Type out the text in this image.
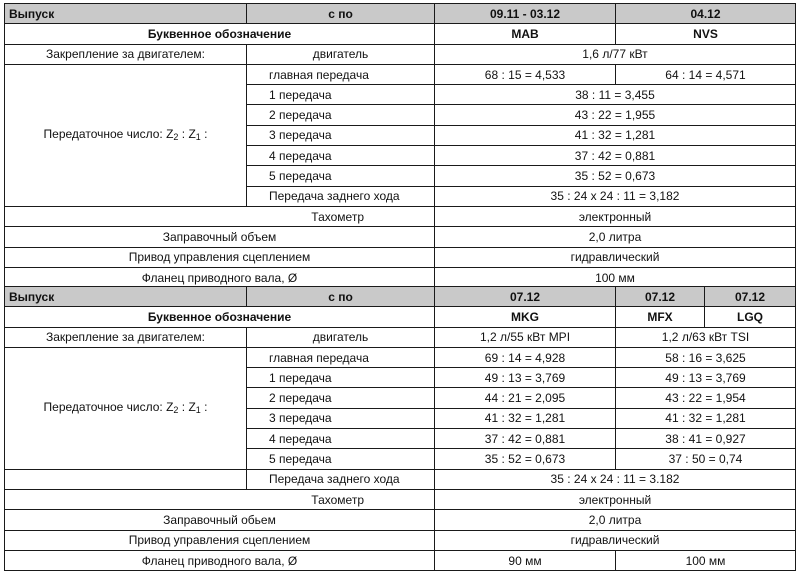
Выпуск	с по	09.11 - 03.12	04.12
Буквенное обозначение		MAB	NVS
Закрепление за двигателем:	двигатель	1,6 л/77 кВт	
Передаточное число: $Z_2$ : $Z_1$ :	главная передача	68 : 15 = 4,533	64 : 14 = 4,571
	1 передача	38 : 11 = 3,455	
	2 передача	43 : 22 = 1,955	
	3 передача	41 : 32 = 1,281	
	4 передача	37 : 42 = 0,881	
	5 передача	35 : 52 = 0,673	
	Передача заднего хода	35 : 24 x 24 : 11 = 3,182	
Тахометр		электронный	
Заправочный объем		2,0 литра	
Привод управления сцеплением		гидравлический	
Фланец приводного вала, Ø		100 мм	
Выпуск	с по	07.12	07.12	07.12
Буквенное обозначение		MKG	MFX	LGQ
Закрепление за двигателем:	двигатель	1,2 л/55 кВт MPI	1,2 л/63 кВт TSI	
Передаточное число: $Z_2$ : $Z_1$ :	главная передача	69 : 14 = 4,928	58 : 16 = 3,625	
	1 передача	49 : 13 = 3,769	49 : 13 = 3,769	
	2 передача	44 : 21 = 2,095	43 : 22 = 1,954	
	3 передача	41 : 32 = 1,281	41 : 32 = 1,281	
	4 передача	37 : 42 = 0,881	38 : 41 = 0,927	
	5 передача	35 : 52 = 0,673	37 : 50 = 0,74	
	Передача заднего хода	35 : 24 x 24 : 11 = 3.182		
Тахометр		электронный		
Заправочный обьем		2,0 литра		
Привод управления сцеплением		гидравлический		
Фланец приводного вала, Ø		90 мм	100 мм	
